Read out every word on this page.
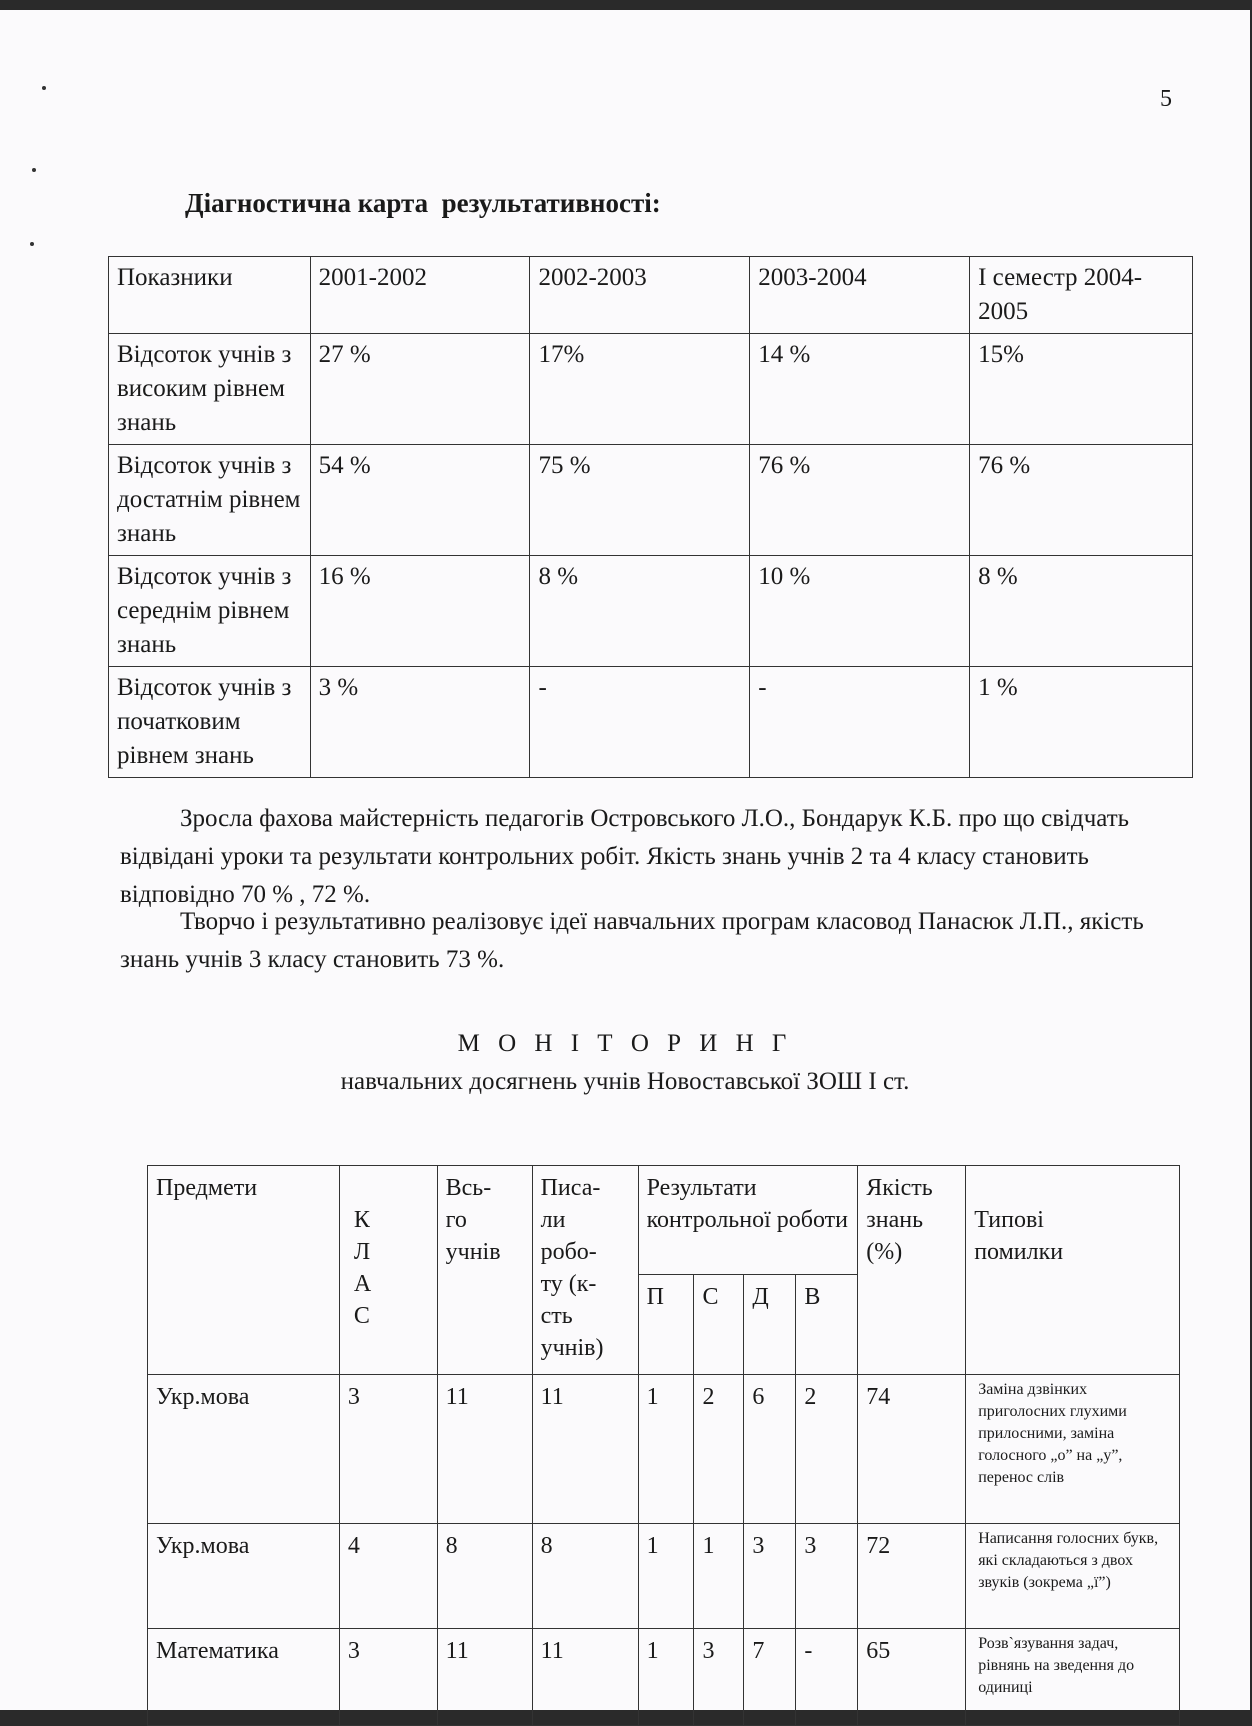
5
Діагностична карта  результативності:
Показники	2001-2002	2002-2003	2003-2004	І семестр 2004-2005
Відсоток учнів з високим рівнем знань	27 %	17%	14 %	15%
Відсоток учнів з достатнім рівнем знань	54 %	75 %	76 %	76 %
Відсоток учнів з середнім рівнем знань	16 %	8 %	10 %	8 %
Відсоток учнів з початковим рівнем знань	3 %	-	-	1 %
Зросла фахова майстерність педагогів Островського Л.О., Бондарук К.Б. про що свідчать відвідані уроки та результати контрольних робіт. Якість знань учнів 2 та 4 класу становить відповідно 70 % , 72 %.
Творчо і результативно реалізовує ідеї навчальних програм класовод Панасюк Л.П., якість знань учнів 3 класу становить 73 %.
М О Н І Т О Р И Н Г
навчальних досягнень учнів Новоставської ЗОШ І ст.
Предмети	К Л А С	Всь- го учнів	Писа- ли робо- ту (к-сть учнів)	Результати контрольної роботи				Якість знань (%)	Типові помилки
				П	С	Д	В		
Укр.мова	3	11	11	1	2	6	2	74	Заміна дзвінких приголосних глухими прилосними, заміна голосного „о” на „у”, перенос слів
Укр.мова	4	8	8	1	1	3	3	72	Написання голосних букв, які складаються з двох звуків (зокрема „ї”)
Математика	3	11	11	1	3	7	-	65	Розв`язування задач, рівнянь на зведення до одиниці
